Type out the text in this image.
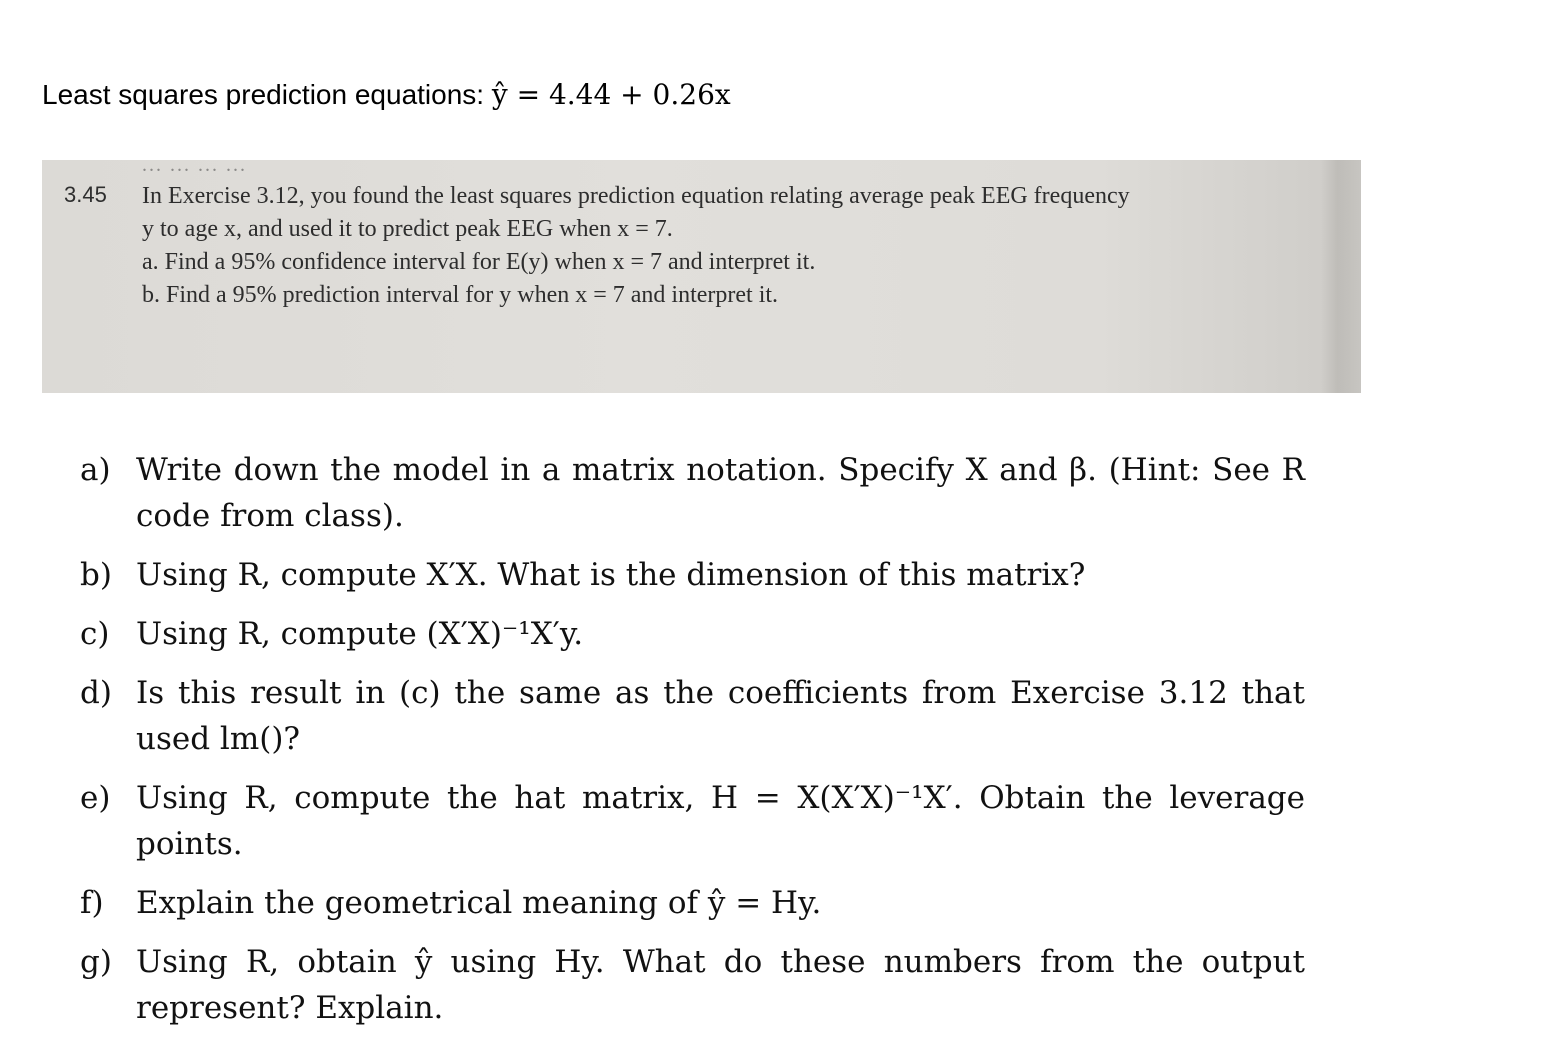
Least squares prediction equations: ŷ = 4.44 + 0.26x
... ... ... ...
3.45 In Exercise 3.12, you found the least squares prediction equation relating average peak EEG frequency
y to age x, and used it to predict peak EEG when x = 7.
a. Find a 95% confidence interval for E(y) when x = 7 and interpret it.
b. Find a 95% prediction interval for y when x = 7 and interpret it.
a) Write down the model in a matrix notation. Specify X and β. (Hint: See R code from class).
b) Using R, compute X′X. What is the dimension of this matrix?
c) Using R, compute (X′X)⁻¹X′y.
d) Is this result in (c) the same as the coefficients from Exercise 3.12 that used lm()?
e) Using R, compute the hat matrix, H = X(X′X)⁻¹X′. Obtain the leverage points.
f) Explain the geometrical meaning of ŷ = Hy.
g) Using R, obtain ŷ using Hy. What do these numbers from the output represent? Explain.
